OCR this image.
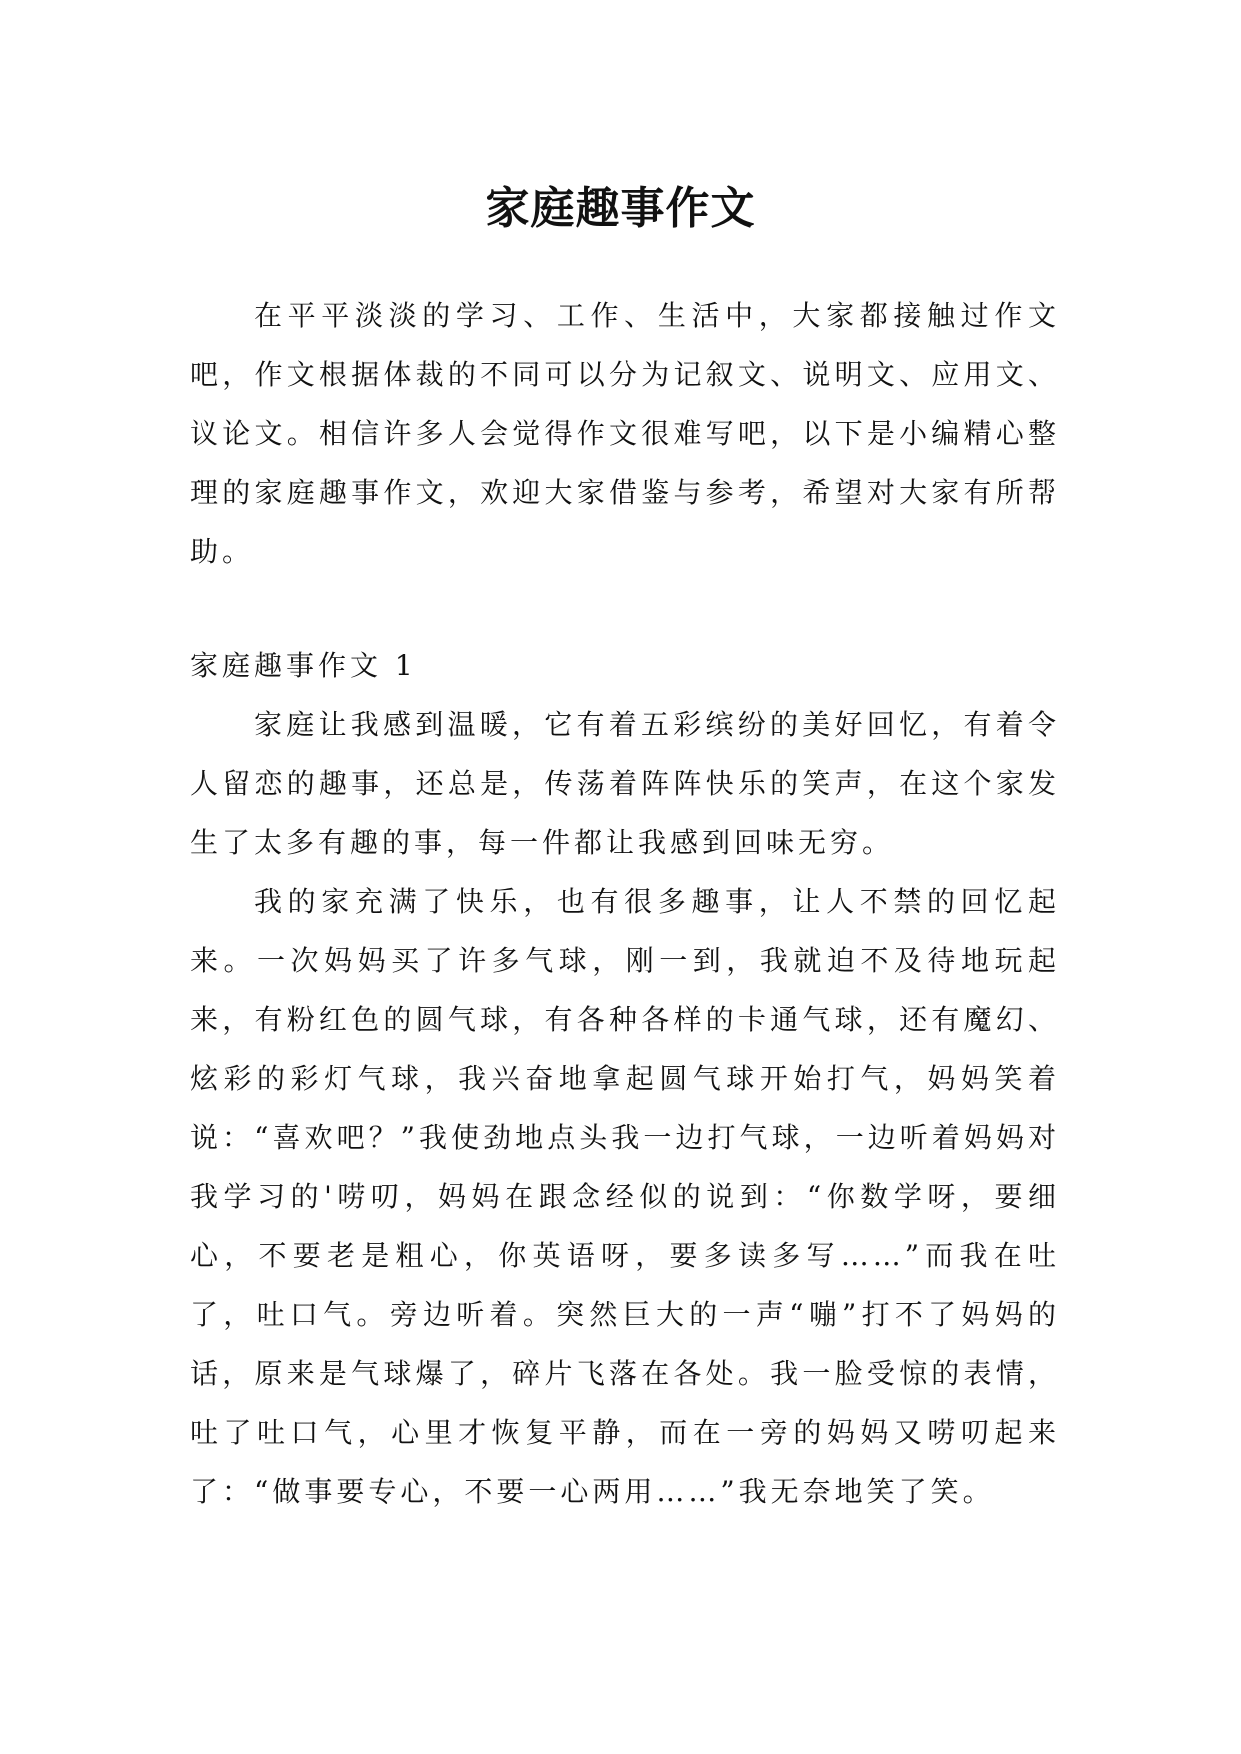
家庭趣事作文

在平平淡淡的学习、工作、生活中，大家都接触过作文吧，作文根据体裁的不同可以分为记叙文、说明文、应用文、议论文。相信许多人会觉得作文很难写吧，以下是小编精心整理的家庭趣事作文，欢迎大家借鉴与参考，希望对大家有所帮助。

家庭趣事作文 1

家庭让我感到温暖，它有着五彩缤纷的美好回忆，有着令人留恋的趣事，还总是，传荡着阵阵快乐的笑声，在这个家发生了太多有趣的事，每一件都让我感到回味无穷。

我的家充满了快乐，也有很多趣事，让人不禁的回忆起来。一次妈妈买了许多气球，刚一到，我就迫不及待地玩起来，有粉红色的圆气球，有各种各样的卡通气球，还有魔幻、炫彩的彩灯气球，我兴奋地拿起圆气球开始打气，妈妈笑着说：“喜欢吧？”我使劲地点头我一边打气球，一边听着妈妈对我学习的'唠叨，妈妈在跟念经似的说到：“你数学呀，要细心，不要老是粗心，你英语呀，要多读多写……”而我在吐了，吐口气。旁边听着。突然巨大的一声“嘣”打不了妈妈的话，原来是气球爆了，碎片飞落在各处。我一脸受惊的表情，吐了吐口气，心里才恢复平静，而在一旁的妈妈又唠叨起来了：“做事要专心，不要一心两用……”我无奈地笑了笑。
